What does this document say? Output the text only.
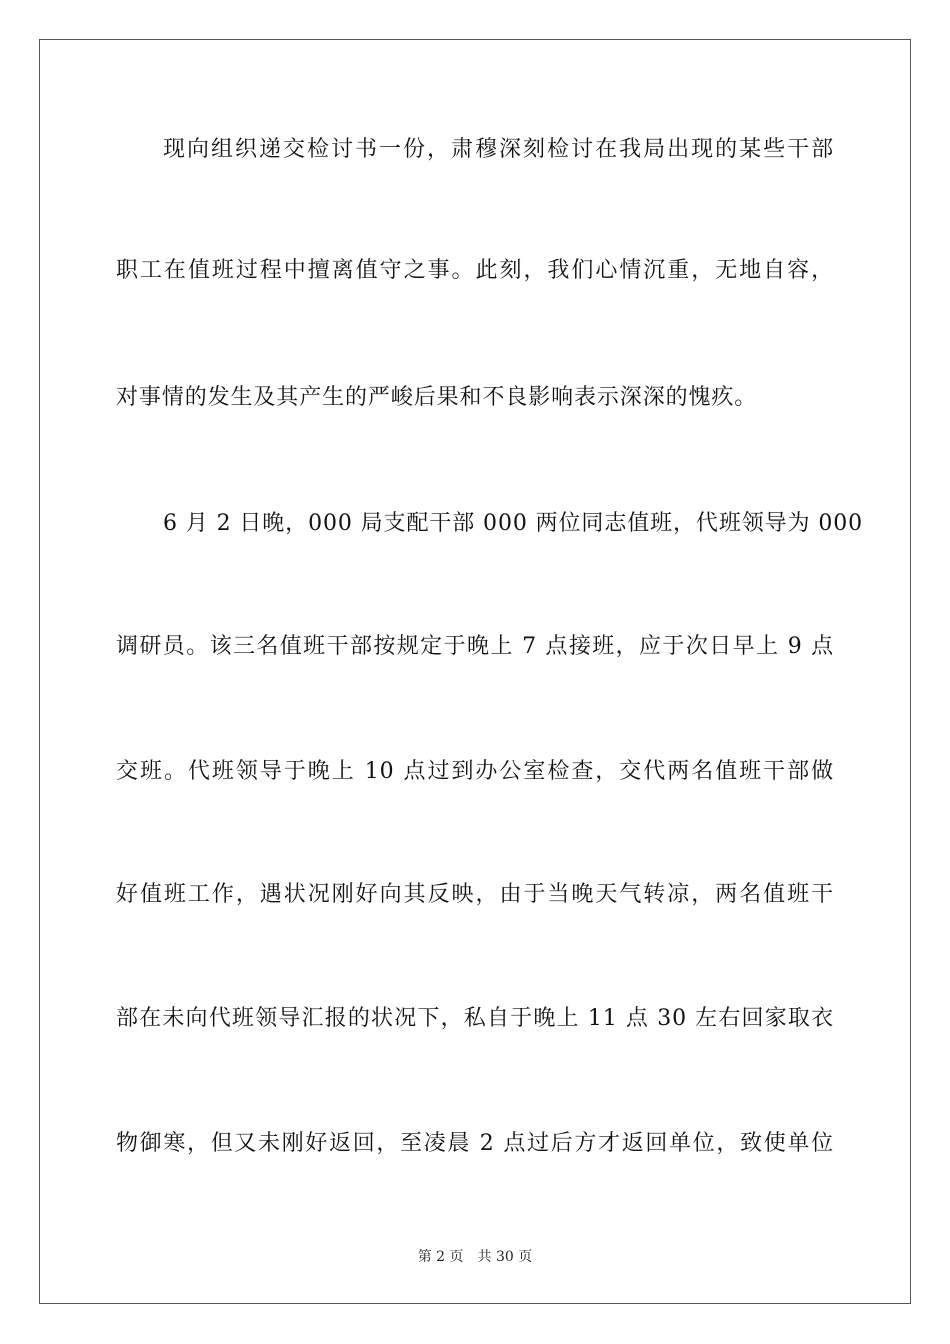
现向组织递交检讨书一份，肃穆深刻检讨在我局出现的某些干部
职工在值班过程中擅离值守之事。此刻，我们心情沉重，无地自容，
对事情的发生及其产生的严峻后果和不良影响表示深深的愧疚。
6 月 2 日晚，000 局支配干部 000 两位同志值班，代班领导为 000
调研员。该三名值班干部按规定于晚上 7 点接班，应于次日早上 9 点
交班。代班领导于晚上 10 点过到办公室检查，交代两名值班干部做
好值班工作，遇状况刚好向其反映，由于当晚天气转凉，两名值班干
部在未向代班领导汇报的状况下，私自于晚上 11 点 30 左右回家取衣
物御寒，但又未刚好返回，至凌晨 2 点过后方才返回单位，致使单位
第 2 页 共 30 页
